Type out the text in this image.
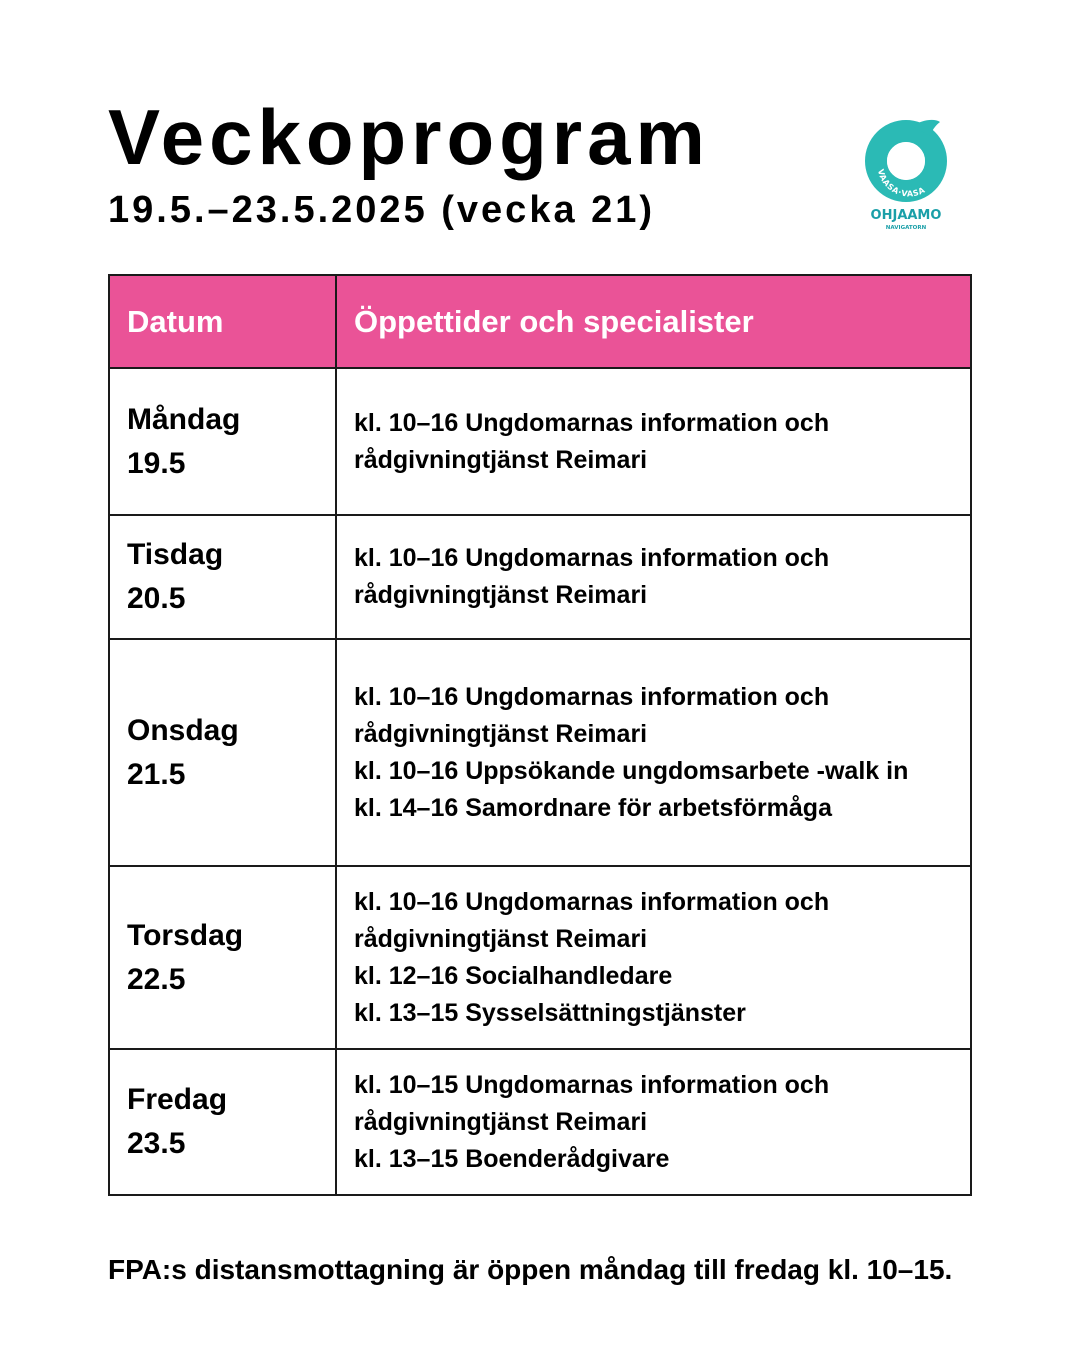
Veckoprogram
19.5.–23.5.2025 (vecka 21)
VAASA·VASA
OHJAAMO
NAVIGATORN
Datum	Öppettider och specialister

Måndag
19.5	kl. 10–16 Ungdomarnas information och
rådgivningtjänst Reimari

Tisdag
20.5	kl. 10–16 Ungdomarnas information och
rådgivningtjänst Reimari

Onsdag
21.5	kl. 10–16 Ungdomarnas information och
rådgivningtjänst Reimari
kl. 10–16 Uppsökande ungdomsarbete -walk in
kl. 14–16 Samordnare för arbetsförmåga

Torsdag
22.5	kl. 10–16 Ungdomarnas information och
rådgivningtjänst Reimari
kl. 12–16 Socialhandledare
kl. 13–15 Sysselsättningstjänster

Fredag
23.5	kl. 10–15 Ungdomarnas information och
rådgivningtjänst Reimari
kl. 13–15 Boenderådgivare
FPA:s distansmottagning är öppen måndag till fredag kl. 10–15.
